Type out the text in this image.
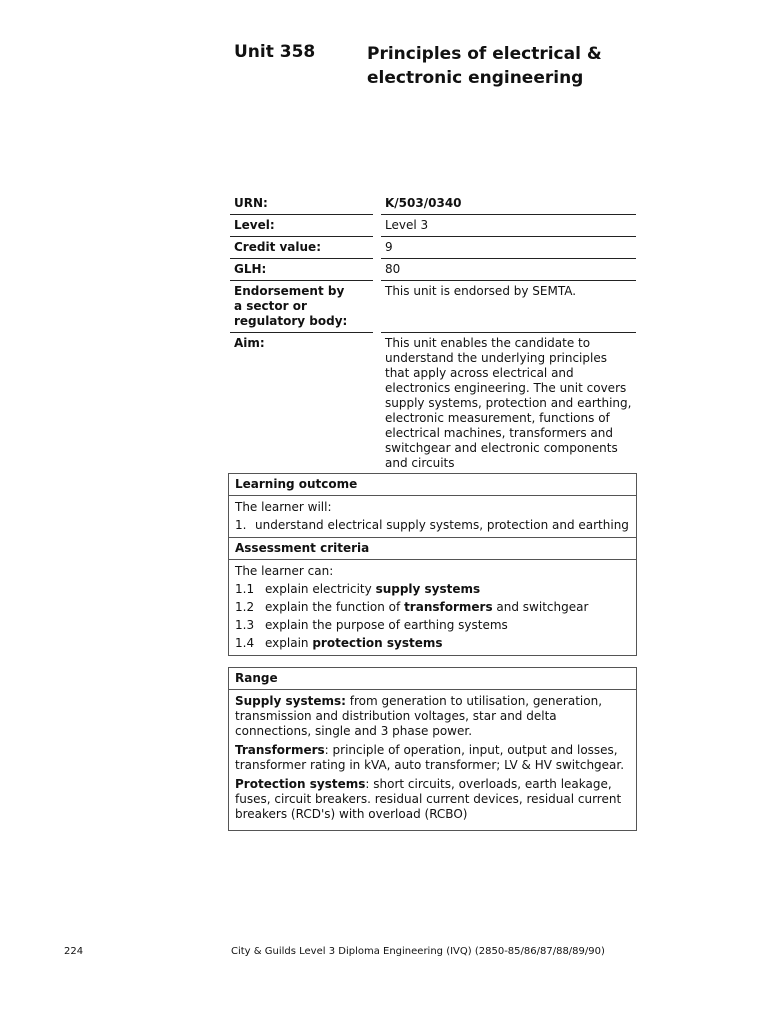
Unit 358	Principles of electrical & electronic engineering
URN:	K/503/0340
Level:	Level 3
Credit value:	9
GLH:	80
Endorsement by a sector or regulatory body:
This unit is endorsed by SEMTA.
Aim:	This unit enables the candidate to understand the underlying principles that apply across electrical and electronics engineering. The unit covers supply systems, protection and earthing, electronic measurement, functions of electrical machines, transformers and switchgear and electronic components and circuits
Learning outcome
The learner will:
1. understand electrical supply systems, protection and earthing
Assessment criteria
The learner can:
1.1 explain electricity supply systems
1.2 explain the function of transformers and switchgear
1.3 explain the purpose of earthing systems
1.4 explain protection systems
Range

Supply systems: from generation to utilisation, generation, transmission and distribution voltages, star and delta connections, single and 3 phase power.

Transformers: principle of operation, input, output and losses, transformer rating in kVA, auto transformer; LV & HV switchgear.

Protection systems: short circuits, overloads, earth leakage, fuses, circuit breakers. residual current devices, residual current breakers (RCD's) with overload (RCBO)

224	City & Guilds Level 3 Diploma Engineering (IVQ) (2850-85/86/87/88/89/90)
